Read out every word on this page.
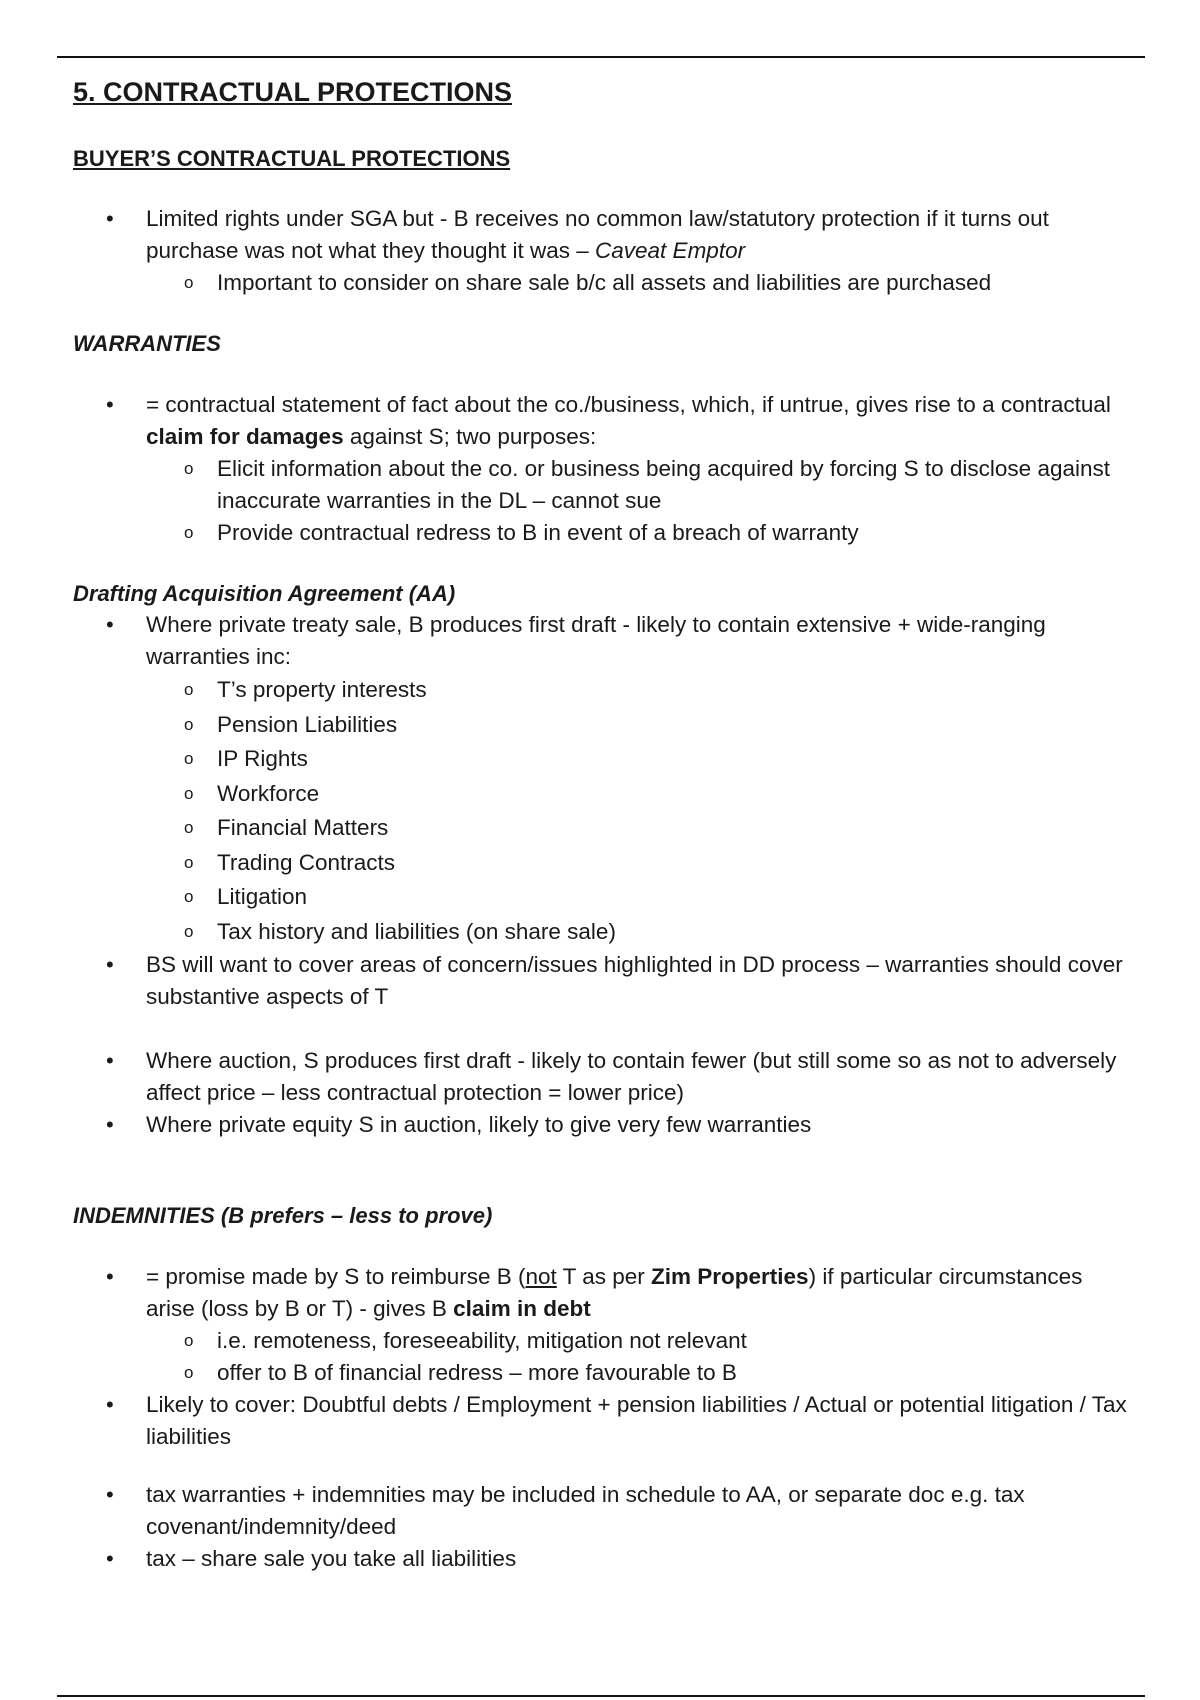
5. CONTRACTUAL PROTECTIONS
BUYER’S CONTRACTUAL PROTECTIONS
• Limited rights under SGA but - B receives no common law/statutory protection if it turns out purchase was not what they thought it was – Caveat Emptor
o Important to consider on share sale b/c all assets and liabilities are purchased
WARRANTIES
• = contractual statement of fact about the co./business, which, if untrue, gives rise to a contractual claim for damages against S; two purposes:
o Elicit information about the co. or business being acquired by forcing S to disclose against inaccurate warranties in the DL – cannot sue
o Provide contractual redress to B in event of a breach of warranty
Drafting Acquisition Agreement (AA)
• Where private treaty sale, B produces first draft - likely to contain extensive + wide-ranging warranties inc:
o T’s property interests
o Pension Liabilities
o IP Rights
o Workforce
o Financial Matters
o Trading Contracts
o Litigation
o Tax history and liabilities (on share sale)
• BS will want to cover areas of concern/issues highlighted in DD process – warranties should cover substantive aspects of T
• Where auction, S produces first draft - likely to contain fewer (but still some so as not to adversely affect price – less contractual protection = lower price)
• Where private equity S in auction, likely to give very few warranties
INDEMNITIES (B prefers – less to prove)
• = promise made by S to reimburse B (not T as per Zim Properties) if particular circumstances arise (loss by B or T) - gives B claim in debt
o i.e. remoteness, foreseeability, mitigation not relevant
o offer to B of financial redress – more favourable to B
• Likely to cover: Doubtful debts / Employment + pension liabilities / Actual or potential litigation / Tax liabilities
• tax warranties + indemnities may be included in schedule to AA, or separate doc e.g. tax covenant/indemnity/deed
• tax – share sale you take all liabilities
